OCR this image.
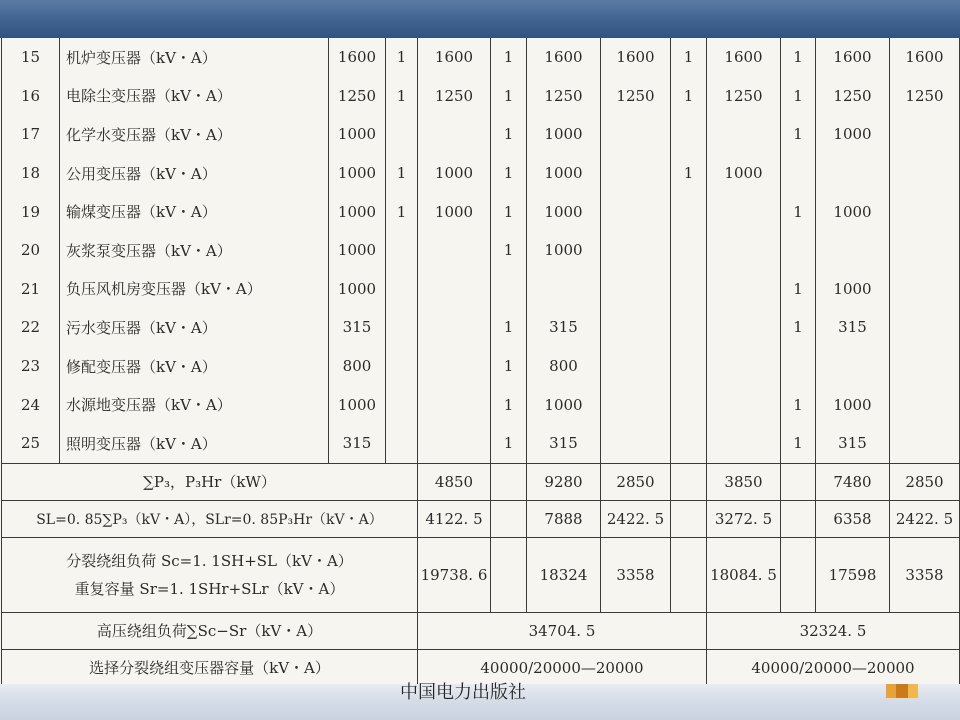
15	机炉变压器（kV・A）	1600	1	1600	1	1600	1600	1	1600	1	1600	1600
16	电除尘变压器（kV・A）	1250	1	1250	1	1250	1250	1	1250	1	1250	1250
17	化学水变压器（kV・A）	1000			1	1000				1	1000	
18	公用变压器（kV・A）	1000	1	1000	1	1000		1	1000			
19	输煤变压器（kV・A）	1000	1	1000	1	1000				1	1000	
20	灰浆泵变压器（kV・A）	1000			1	1000						
21	负压风机房变压器（kV・A）	1000								1	1000	
22	污水变压器（kV・A）	315			1	315				1	315	
23	修配变压器（kV・A）	800			1	800						
24	水源地变压器（kV・A）	1000			1	1000				1	1000	
25	照明变压器（kV・A）	315			1	315				1	315	
∑P₃，P₃Hr（kW）				4850		9280	2850		3850		7480	2850
SL=0. 85∑P₃（kV・A），SLr=0. 85P₃Hr（kV・A）				4122. 5		7888	2422. 5		3272. 5		6358	2422. 5

分裂绕组负荷 Sc=1. 1SH+SL（kV・A）
重复容量 Sr=1. 1SHr+SLr（kV・A）				19738. 6		18324	3358		18084. 5		17598	3358
高压绕组负荷∑Sc−Sr（kV・A）				34704. 5					32324. 5			
选择分裂绕组变压器容量（kV・A）				40000/20000—20000					40000/20000—20000			
中国电力出版社
